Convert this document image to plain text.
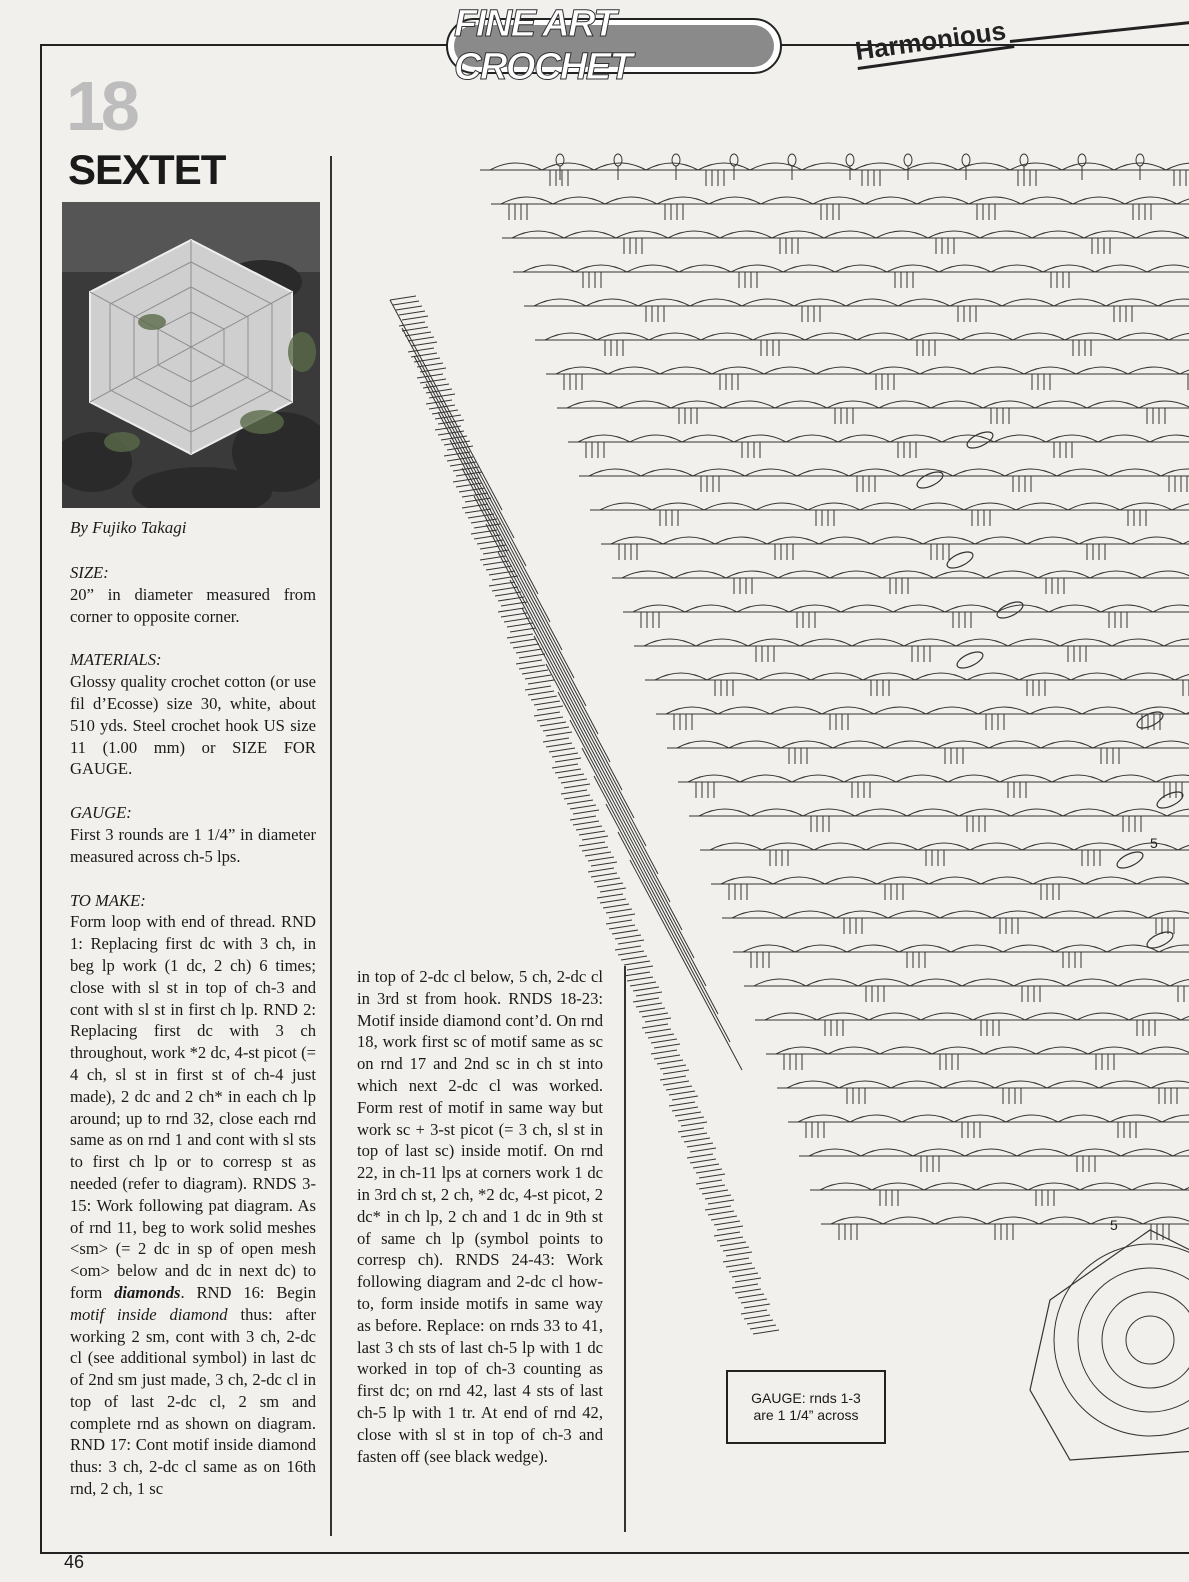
FINE ART CROCHET
Harmonious
18
SEXTET
By Fujiko Takagi

SIZE:

20” in diameter measured from corner to opposite corner.

MATERIALS:

Glossy quality crochet cotton (or use fil d’Ecosse) size 30, white, about 510 yds. Steel crochet hook US size 11 (1.00 mm) or SIZE FOR GAUGE.

GAUGE:

First 3 rounds are 1 1/4” in diameter measured across ch-5 lps.

TO MAKE:

Form loop with end of thread. RND 1: Replacing first dc with 3 ch, in beg lp work (1 dc, 2 ch) 6 times; close with sl st in top of ch-3 and cont with sl st in first ch lp. RND 2: Replacing first dc with 3 ch throughout, work *2 dc, 4-st picot (= 4 ch, sl st in first st of ch-4 just made), 2 dc and 2 ch* in each ch lp around; up to rnd 32, close each rnd same as on rnd 1 and cont with sl sts to first ch lp or to corresp st as needed (refer to diagram). RNDS 3-15: Work following pat diagram. As of rnd 11, beg to work solid meshes <sm> (= 2 dc in sp of open mesh <om> below and dc in next dc) to form diamonds. RND 16: Begin motif inside diamond thus: after working 2 sm, cont with 3 ch, 2-dc cl (see additional symbol) in last dc of 2nd sm just made, 3 ch, 2-dc cl in top of last 2-dc cl, 2 sm and complete rnd as shown on diagram. RND 17: Cont motif inside diamond thus: 3 ch, 2-dc cl same as on 16th rnd, 2 ch, 1 sc

in top of 2-dc cl below, 5 ch, 2-dc cl in 3rd st from hook. RNDS 18-23: Motif inside diamond cont’d. On rnd 18, work first sc of motif same as sc on rnd 17 and 2nd sc in ch st into which next 2-dc cl was worked. Form rest of motif in same way but work sc + 3-st picot (= 3 ch, sl st in top of last sc) inside motif. On rnd 22, in ch-11 lps at corners work 1 dc in 3rd ch st, 2 ch, *2 dc, 4-st picot, 2 dc* in ch lp, 2 ch and 1 dc in 9th st of same ch lp (symbol points to corresp ch). RNDS 24-43: Work following diagram and 2-dc cl how-to, form inside motifs in same way as before. Replace: on rnds 33 to 41, last 3 ch sts of last ch-5 lp with 1 dc worked in top of ch-3 counting as first dc; on rnd 42, last 4 sts of last ch-5 lp with 1 tr. At end of rnd 42, close with sl st in top of ch-3 and fasten off (see black wedge).

5
5
GAUGE: rnds 1-3
are 1 1/4” across
46
